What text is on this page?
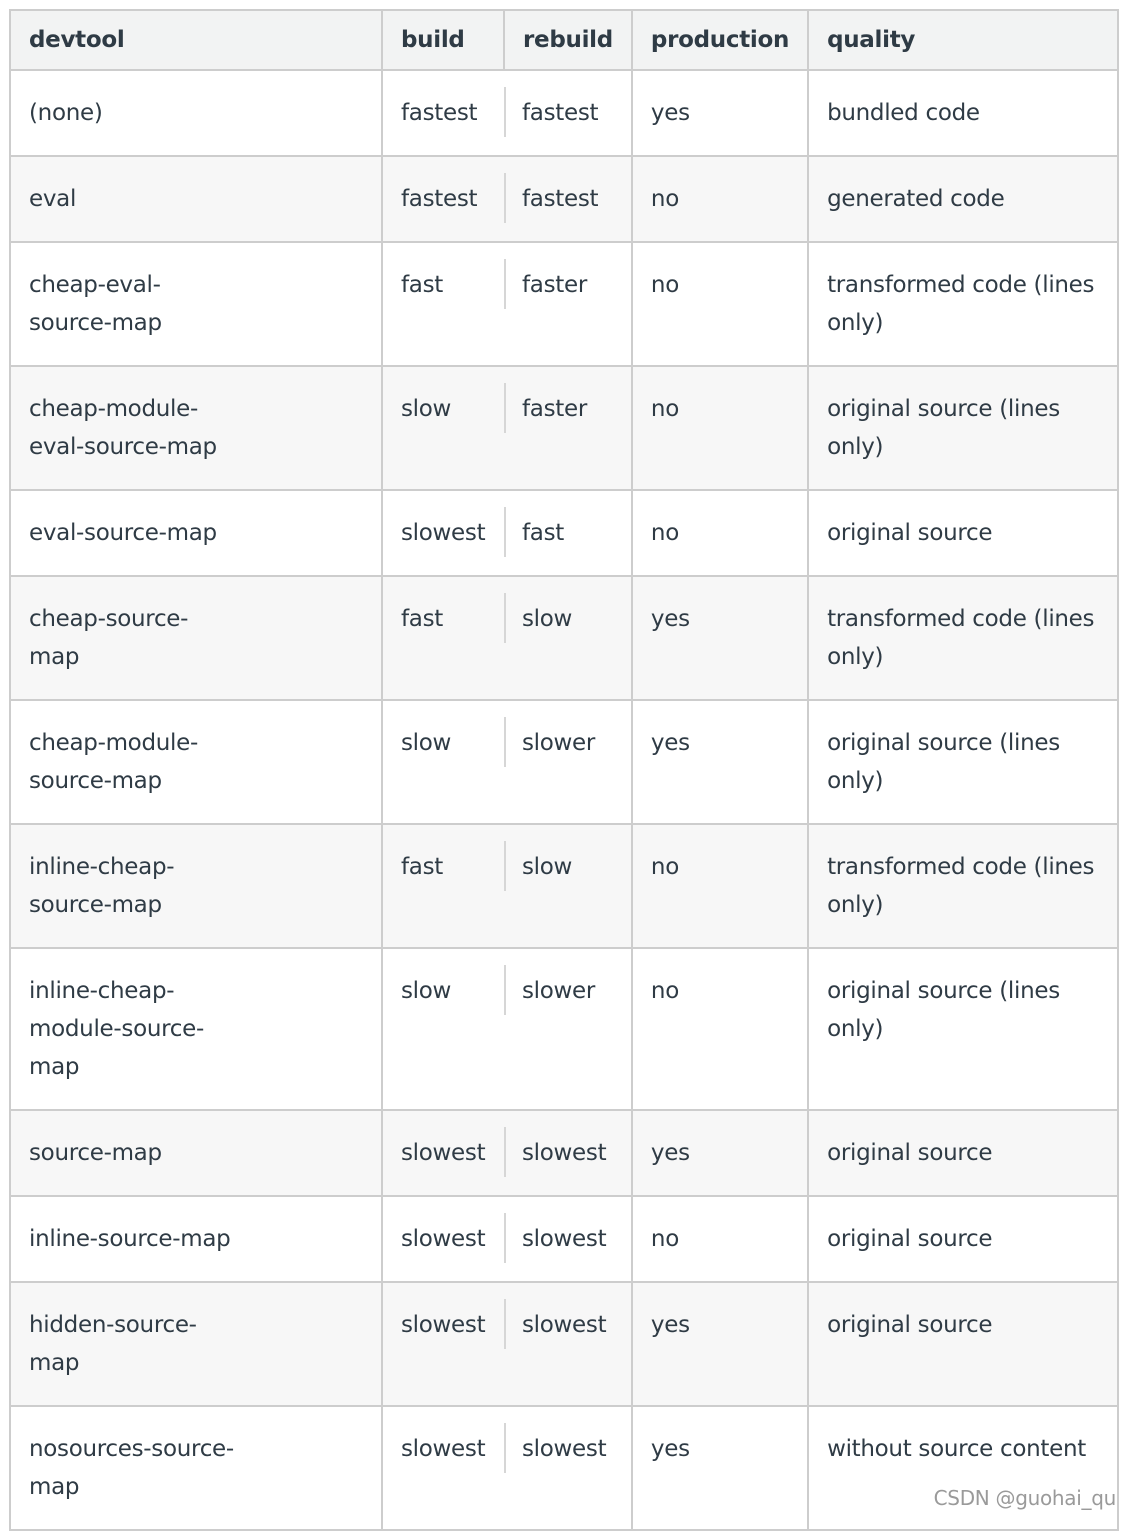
devtool	build	rebuild	production	quality

(none)	fastest	fastest	yes	bundled code

eval	fastest	fastest	no	generated code

cheap-eval-
source-map	fast	faster	no	transformed code (lines
only)

cheap-module-
eval-source-map	slow	faster	no	original source (lines only)

eval-source-map	slowest	fast	no	original source

cheap-source-
map	fast	slow	yes	transformed code (lines
only)

cheap-module-
source-map	slow	slower	yes	original source (lines only)

inline-cheap-
source-map	fast	slow	no	transformed code (lines
only)

inline-cheap-
module-source-
map	slow	slower	no	original source (lines only)

source-map	slowest	slowest	yes	original source

inline-source-map	slowest	slowest	no	original source

hidden-source-
map	slowest	slowest	yes	original source

nosources-source-
map	slowest	slowest	yes	without source content
CSDN @guohai_qu
